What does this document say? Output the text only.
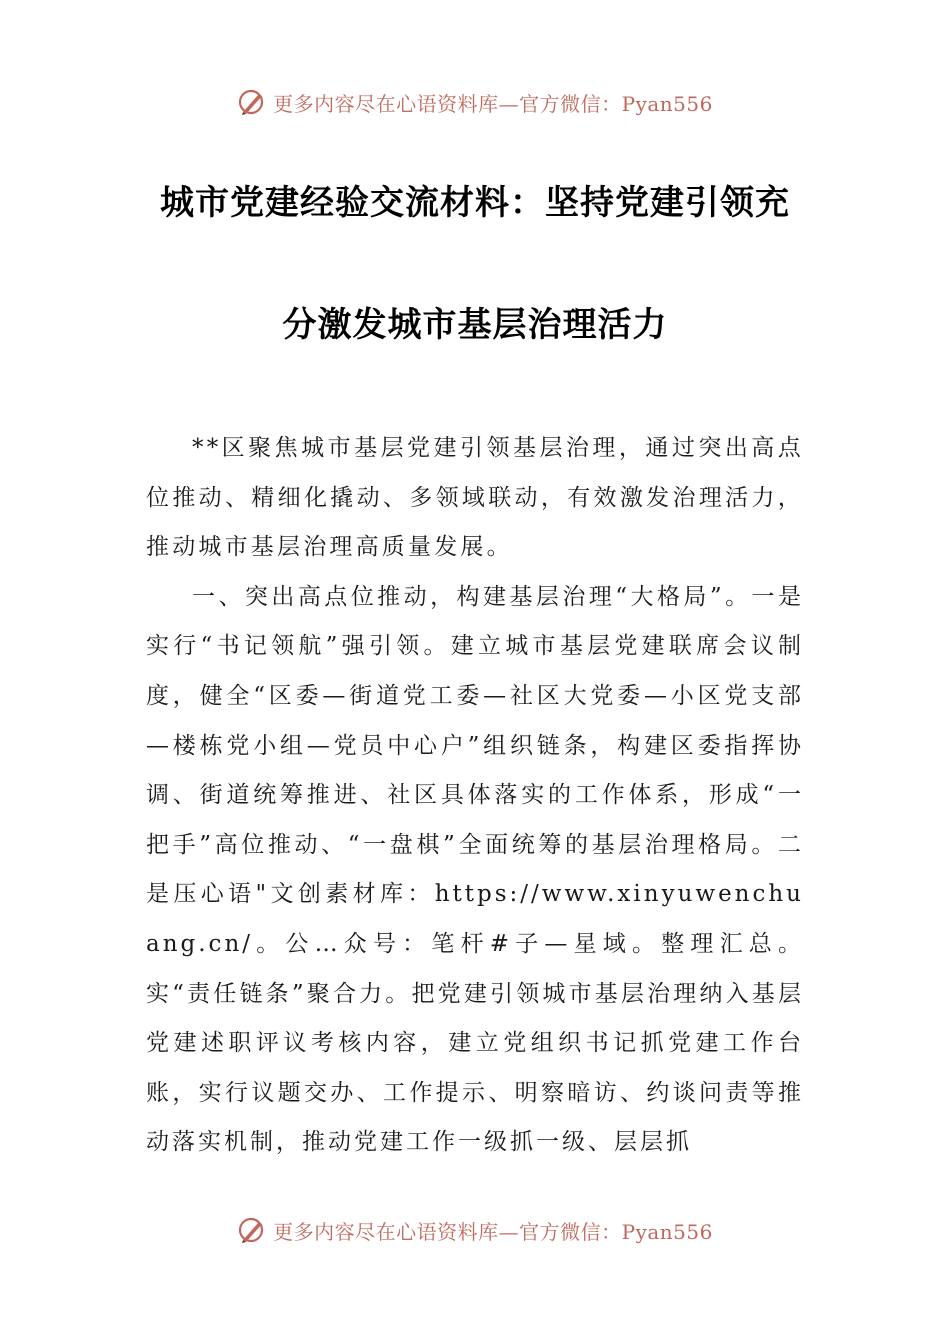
更多内容尽在心语资料库—官方微信：Pyan556
城市党建经验交流材料：坚持党建引领充
分激发城市基层治理活力

**区聚焦城市基层党建引领基层治理，通过突出高点位推动、精细化撬动、多领域联动，有效激发治理活力，推动城市基层治理高质量发展。

一、突出高点位推动，构建基层治理“大格局”。一是实行“书记领航”强引领。建立城市基层党建联席会议制度，健全“区委—街道党工委—社区大党委—小区党支部—楼栋党小组—党员中心户”组织链条，构建区委指挥协调、街道统筹推进、社区具体落实的工作体系，形成“一把手”高位推动、“一盘棋”全面统筹的基层治理格局。二是压心语"文创素材库：https://www.xinyuwenchuang.cn/。公…众号：笔杆#子—星域。整理汇总。实“责任链条”聚合力。把党建引领城市基层治理纳入基层党建述职评议考核内容，建立党组织书记抓党建工作台账，实行议题交办、工作提示、明察暗访、约谈问责等推动落实机制，推动党建工作一级抓一级、层层抓

更多内容尽在心语资料库—官方微信：Pyan556
